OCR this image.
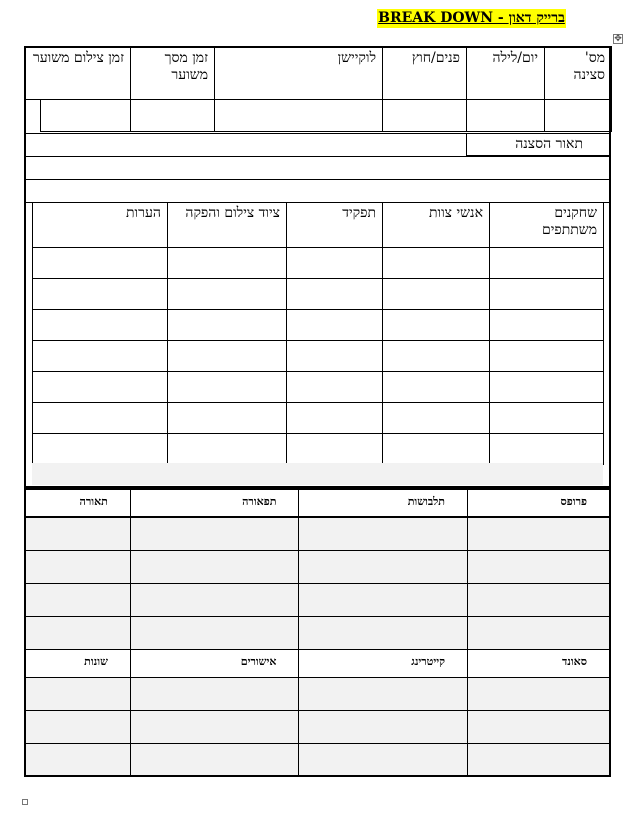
BREAK DOWN - ברייק דאון
✥
זמן צילום משוער		זמן מסך משוער	לוקיישן	פנים/חוץ	יום/לילה	מס' סצינה

תאור הסצנה
הערות	ציוד צילום והפקה	תפקיד	אנשי צוות	שחקנים משתתפים

תאורה	תפאורה	תלבושות	פרופס

שונות	אישורים	קייטרינג	סאונד
